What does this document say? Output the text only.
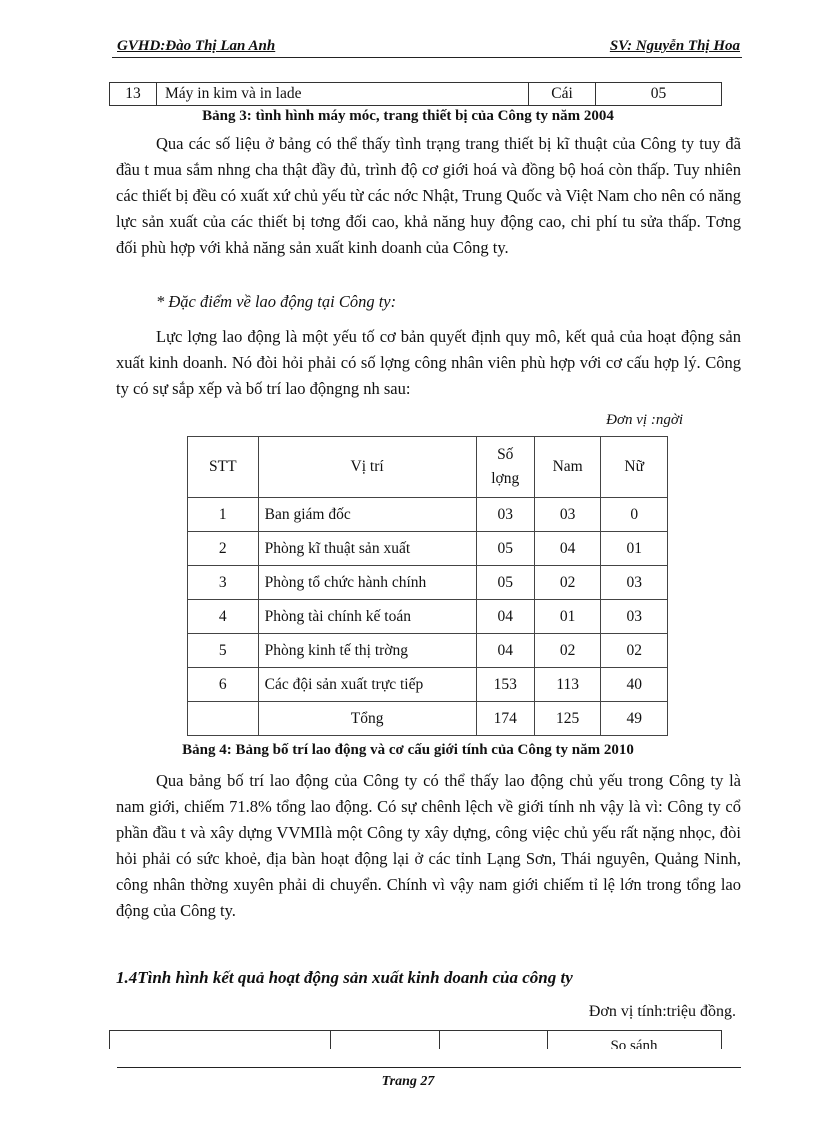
GVHD:Đào Thị Lan Anh	SV: Nguyễn Thị Hoa
13	Máy in kim và in lade	Cái	05
Bảng 3: tình hình máy móc, trang thiết bị của Công ty năm 2004

Qua các số liệu ở bảng có thể thấy tình trạng trang thiết bị kĩ thuật của Công ty tuy đã đầu t mua sắm nhng cha thật đầy đủ, trình độ cơ giới hoá và đồng bộ hoá còn thấp. Tuy nhiên các thiết bị đều có xuất xứ chủ yếu từ các nớc Nhật, Trung Quốc và Việt Nam cho nên có năng lực sản xuất của các thiết bị tơng đối cao, khả năng huy động cao, chi phí tu sửa thấp. Tơng đối phù hợp với khả năng sản xuất kinh doanh của Công ty.

* Đặc điểm về lao động tại Công ty:

Lực lợng lao động là một yếu tố cơ bản quyết định quy mô, kết quả của hoạt động sản xuất kinh doanh. Nó đòi hỏi phải có số lợng công nhân viên phù hợp với cơ cấu hợp lý. Công ty có sự sắp xếp và bố trí lao độngng nh sau:

Đơn vị :ngời
STT	Vị trí	Số lợng	Nam	Nữ
1	Ban giám đốc	03	03	0
2	Phòng kĩ thuật sản xuất	05	04	01
3	Phòng tổ chức hành chính	05	02	03
4	Phòng tài chính kế toán	04	01	03
5	Phòng kinh tế thị trờng	04	02	02
6	Các đội sản xuất trực tiếp	153	113	40
	Tổng	174	125	49
Bảng 4: Bảng bố trí lao động và cơ cấu giới tính của Công ty năm 2010

Qua bảng bố trí lao động của Công ty có thể thấy lao động chủ yếu trong Công ty là nam giới, chiếm 71.8% tổng lao động. Có sự chênh lệch về giới tính nh vậy là vì: Công ty cổ phần đầu t và xây dựng VVMIlà một Công ty xây dựng, công việc chủ yếu rất nặng nhọc, đòi hỏi phải có sức khoẻ, địa bàn hoạt động lại ở các tỉnh Lạng Sơn, Thái nguyên, Quảng Ninh, công nhân thờng xuyên phải di chuyển. Chính vì vậy nam giới chiếm tỉ lệ lớn trong tổng lao động của Công ty.

1.4Tình hình kết quả hoạt động sản xuất kinh doanh của công ty
Đơn vị tính:triệu đồng.
So sánh
Trang 27
